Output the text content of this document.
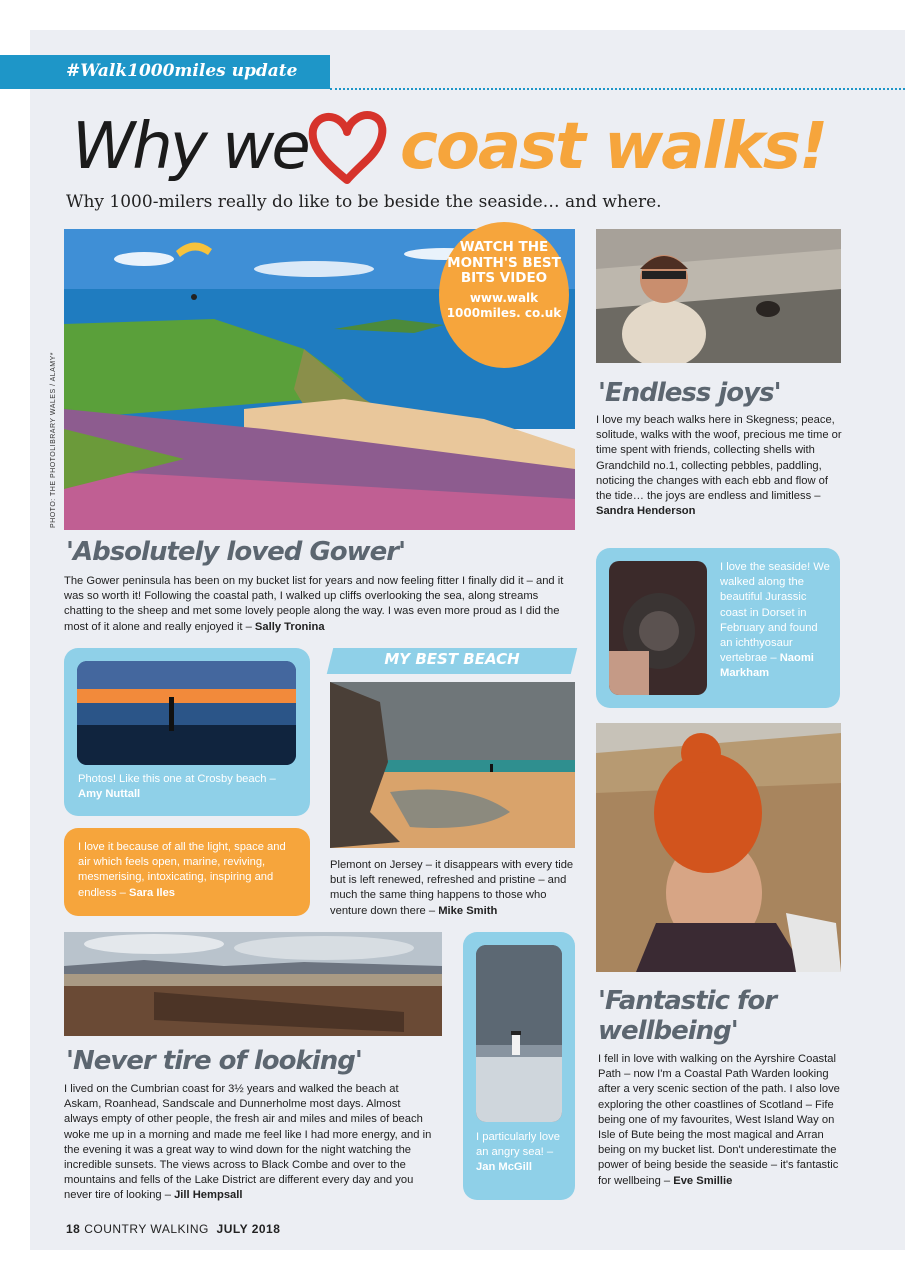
#Walk1000miles update
Why we coast walks!
Why 1000-milers really do like to be beside the seaside… and where.
PHOTO: THE PHOTOLIBRARY WALES / ALAMY*
WATCH THE MONTH'S BEST BITS VIDEO
www.walk 1000miles. co.uk
'Absolutely loved Gower'
The Gower peninsula has been on my bucket list for years and now feeling fitter I finally did it – and it was so worth it! Following the coastal path, I walked up cliffs overlooking the sea, along streams chatting to the sheep and met some lovely people along the way. I was even more proud as I did the most of it alone and really enjoyed it – Sally Tronina
'Endless joys'
I love my beach walks here in Skegness; peace, solitude, walks with the woof, precious me time or time spent with friends, collecting shells with Grandchild no.1, collecting pebbles, paddling, noticing the changes with each ebb and flow of the tide… the joys are endless and limitless – Sandra Henderson
I love the seaside! We walked along the beautiful Jurassic coast in Dorset in February and found an ichthyosaur vertebrae – Naomi Markham
Photos! Like this one at Crosby beach – Amy Nuttall
I love it because of all the light, space and air which feels open, marine, reviving, mesmerising, intoxicating, inspiring and endless – Sara Iles
MY BEST BEACH
Plemont on Jersey – it disappears with every tide but is left renewed, refreshed and pristine – and much the same thing happens to those who venture down there – Mike Smith
'Fantastic for wellbeing'
I fell in love with walking on the Ayrshire Coastal Path – now I'm a Coastal Path Warden looking after a very scenic section of the path. I also love exploring the other coastlines of Scotland – Fife being one of my favourites, West Island Way on Isle of Bute being the most magical and Arran being on my bucket list. Don't underestimate the power of being beside the seaside – it's fantastic for wellbeing – Eve Smillie
'Never tire of looking'
I lived on the Cumbrian coast for 3½ years and walked the beach at Askam, Roanhead, Sandscale and Dunnerholme most days. Almost always empty of other people, the fresh air and miles and miles of beach woke me up in a morning and made me feel like I had more energy, and in the evening it was a great way to wind down for the night watching the incredible sunsets. The views across to Black Combe and over to the mountains and fells of the Lake District are different every day and you never tire of looking – Jill Hempsall
I particularly love an angry sea! – Jan McGill
18 COUNTRY WALKING JULY 2018
